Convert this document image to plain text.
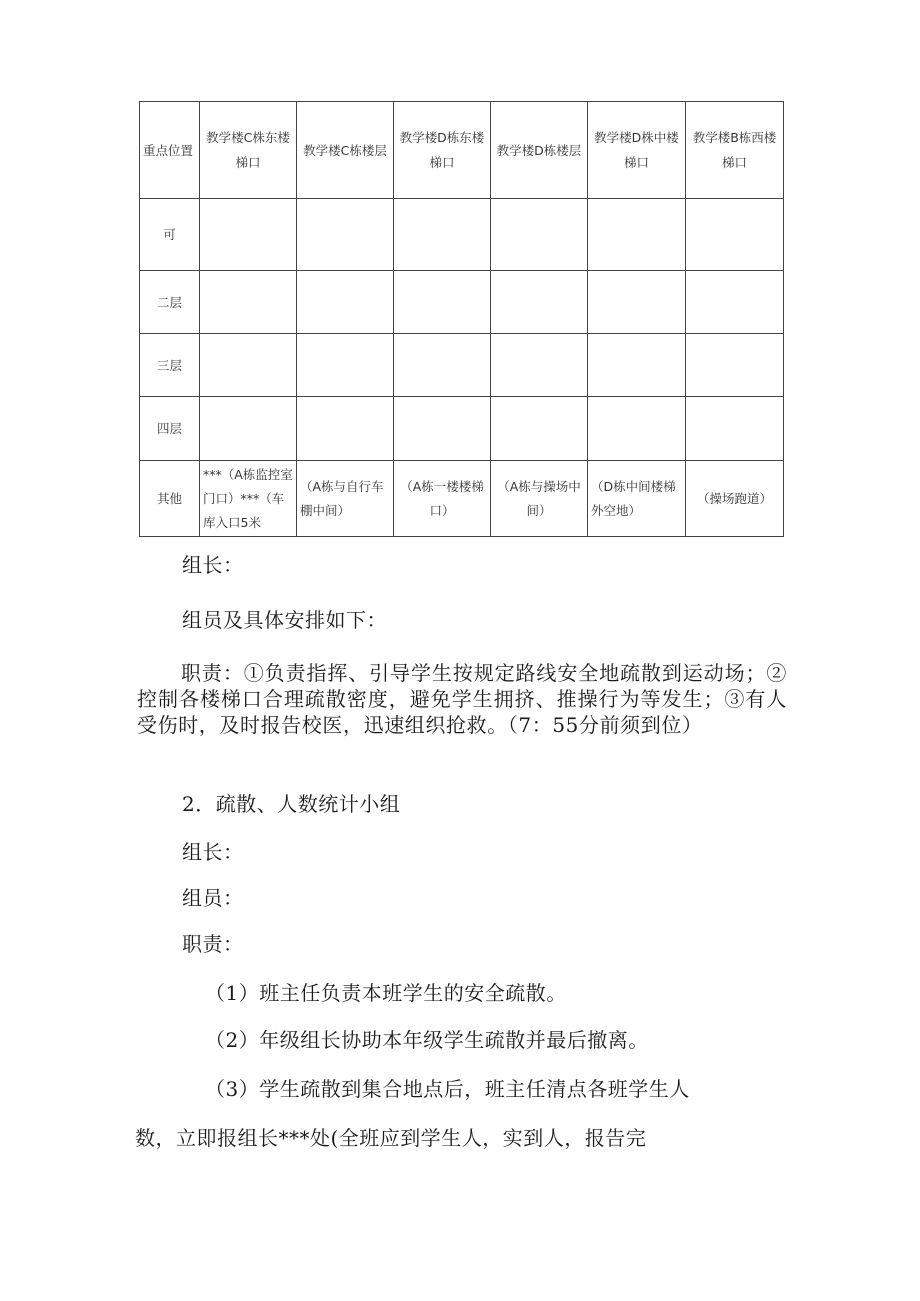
重点位置	教学楼C株东楼梯口	教学楼C栋楼层	教学楼D栋东楼梯口	教学楼D栋楼层	教学楼D株中楼梯口	教学楼B栋西楼梯口
可						
二层						
三层						
四层						
其他	***（A栋监控室门口）***（车库入口5米	（A栋与自行车棚中间）	（A栋一楼楼梯口）	（A栋与操场中间）	（D栋中间楼梯外空地）	（操场跑道）
组长：
组员及具体安排如下：
职责：①负责指挥、引导学生按规定路线安全地疏散到运动场；②控制各楼梯口合理疏散密度，避免学生拥挤、推操行为等发生；③有人受伤时，及时报告校医，迅速组织抢救。（7：55分前须到位）
2．疏散、人数统计小组
组长：
组员：
职责：
（1）班主任负责本班学生的安全疏散。
（2）年级组长协助本年级学生疏散并最后撤离。
（3）学生疏散到集合地点后，班主任清点各班学生人
数，立即报组长***处(全班应到学生人，实到人，报告完
